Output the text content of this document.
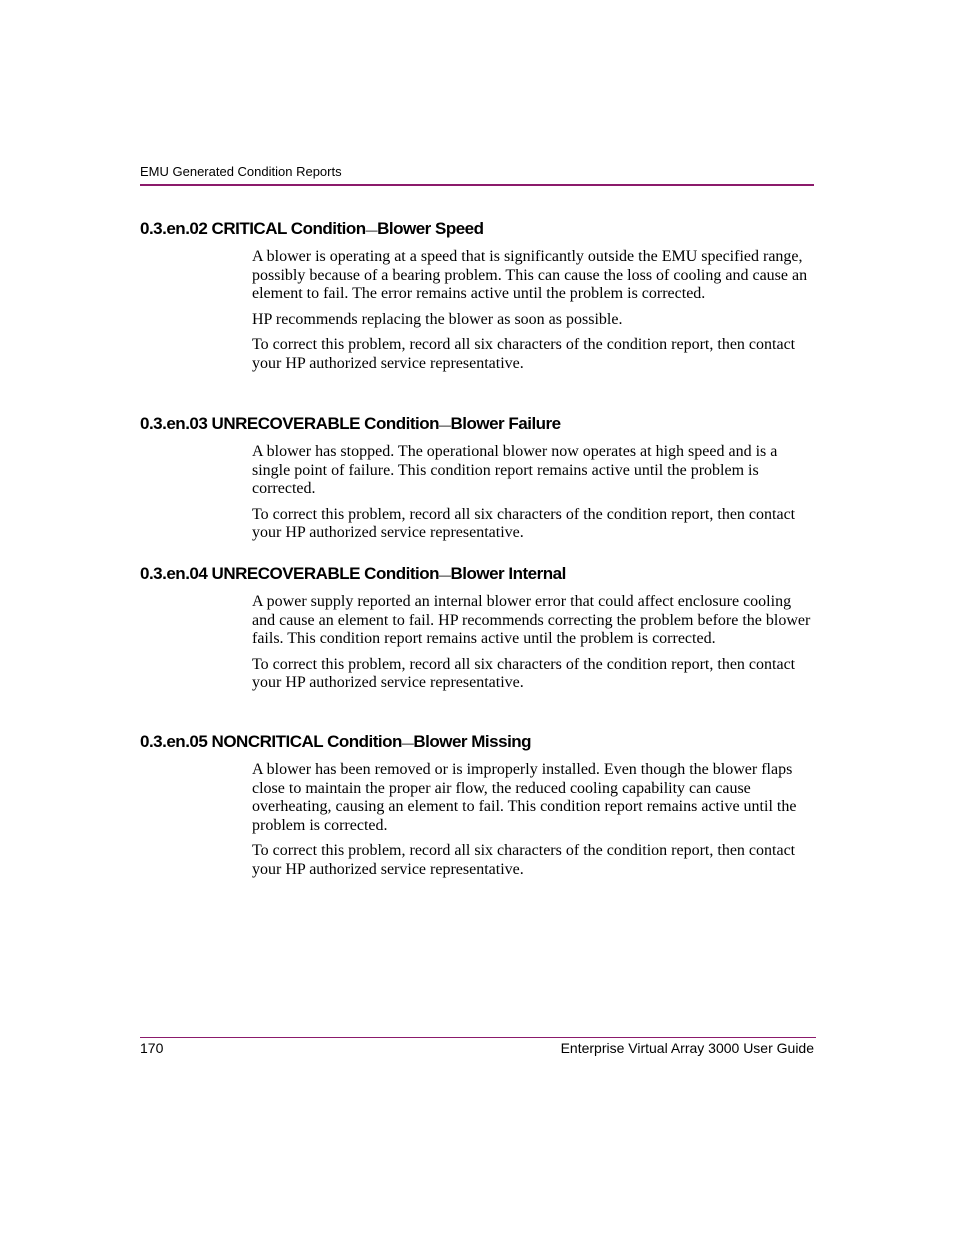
EMU Generated Condition Reports
0.3.en.02 CRITICAL Condition—Blower Speed

A blower is operating at a speed that is significantly outside the EMU specified range, possibly because of a bearing problem. This can cause the loss of cooling and cause an element to fail. The error remains active until the problem is corrected.

HP recommends replacing the blower as soon as possible.

To correct this problem, record all six characters of the condition report, then contact your HP authorized service representative.

0.3.en.03 UNRECOVERABLE Condition—Blower Failure

A blower has stopped. The operational blower now operates at high speed and is a single point of failure. This condition report remains active until the problem is corrected.

To correct this problem, record all six characters of the condition report, then contact your HP authorized service representative.

0.3.en.04 UNRECOVERABLE Condition—Blower Internal

A power supply reported an internal blower error that could affect enclosure cooling and cause an element to fail. HP recommends correcting the problem before the blower fails. This condition report remains active until the problem is corrected.

To correct this problem, record all six characters of the condition report, then contact your HP authorized service representative.

0.3.en.05 NONCRITICAL Condition—Blower Missing

A blower has been removed or is improperly installed. Even though the blower flaps close to maintain the proper air flow, the reduced cooling capability can cause overheating, causing an element to fail. This condition report remains active until the problem is corrected.

To correct this problem, record all six characters of the condition report, then contact your HP authorized service representative.

170	Enterprise Virtual Array 3000 User Guide
